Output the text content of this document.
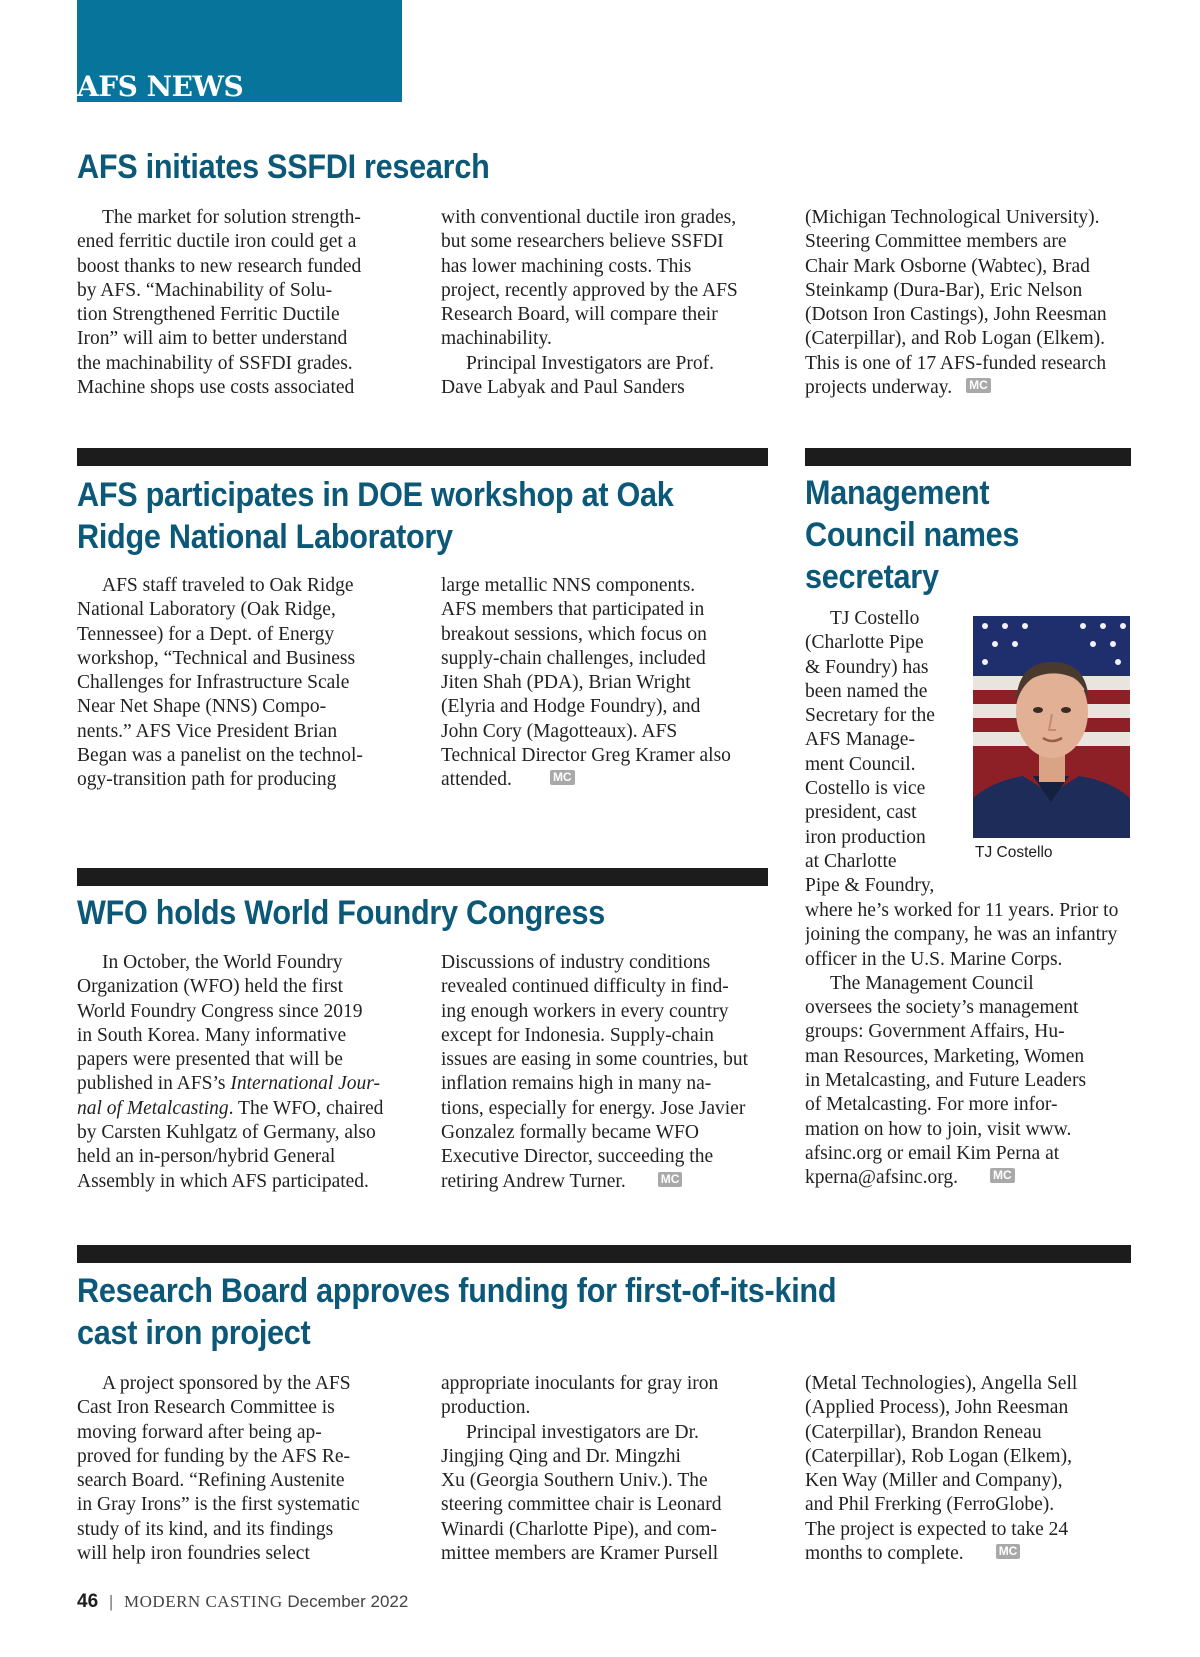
AFS NEWS
AFS initiates SSFDI research
The market for solution strength-
ened ferritic ductile iron could get a
boost thanks to new research funded
by AFS. “Machinability of Solu-
tion Strengthened Ferritic Ductile
Iron” will aim to better understand
the machinability of SSFDI grades.
Machine shops use costs associated
with conventional ductile iron grades,
but some researchers believe SSFDI
has lower machining costs. This
project, recently approved by the AFS
Research Board, will compare their
machinability.
Principal Investigators are Prof.
Dave Labyak and Paul Sanders
(Michigan Technological University).
Steering Committee members are
Chair Mark Osborne (Wabtec), Brad
Steinkamp (Dura-Bar), Eric Nelson
(Dotson Iron Castings), John Reesman
(Caterpillar), and Rob Logan (Elkem).
This is one of 17 AFS-funded research
projects underway. MC
AFS participates in DOE workshop at Oak
Ridge National Laboratory
AFS staff traveled to Oak Ridge
National Laboratory (Oak Ridge,
Tennessee) for a Dept. of Energy
workshop, “Technical and Business
Challenges for Infrastructure Scale
Near Net Shape (NNS) Compo-
nents.” AFS Vice President Brian
Began was a panelist on the technol-
ogy-transition path for producing
large metallic NNS components.
AFS members that participated in
breakout sessions, which focus on
supply-chain challenges, included
Jiten Shah (PDA), Brian Wright
(Elyria and Hodge Foundry), and
John Cory (Magotteaux). AFS
Technical Director Greg Kramer also
attended.	MC
Management
Council names
secretary
TJ Costello
(Charlotte Pipe
& Foundry) has
been named the
Secretary for the
AFS Manage-
ment Council.
Costello is vice
president, cast
iron production
at Charlotte
Pipe & Foundry,
TJ Costello
where he’s worked for 11 years. Prior to
joining the company, he was an infantry
officer in the U.S. Marine Corps.
The Management Council
oversees the society’s management
groups: Government Affairs, Hu-
man Resources, Marketing, Women
in Metalcasting, and Future Leaders
of Metalcasting. For more infor-
mation on how to join, visit www.
afsinc.org or email Kim Perna at
kperna@afsinc.org.	MC
WFO holds World Foundry Congress
In October, the World Foundry
Organization (WFO) held the first
World Foundry Congress since 2019
in South Korea. Many informative
papers were presented that will be
published in AFS’s International Jour-
nal of Metalcasting. The WFO, chaired
by Carsten Kuhlgatz of Germany, also
held an in-person/hybrid General
Assembly in which AFS participated.
Discussions of industry conditions
revealed continued difficulty in find-
ing enough workers in every country
except for Indonesia. Supply-chain
issues are easing in some countries, but
inflation remains high in many na-
tions, especially for energy. Jose Javier
Gonzalez formally became WFO
Executive Director, succeeding the
retiring Andrew Turner.	MC
Research Board approves funding for first-of-its-kind
cast iron project
A project sponsored by the AFS
Cast Iron Research Committee is
moving forward after being ap-
proved for funding by the AFS Re-
search Board. “Refining Austenite
in Gray Irons” is the first systematic
study of its kind, and its findings
will help iron foundries select
appropriate inoculants for gray iron
production.
Principal investigators are Dr.
Jingjing Qing and Dr. Mingzhi
Xu (Georgia Southern Univ.). The
steering committee chair is Leonard
Winardi (Charlotte Pipe), and com-
mittee members are Kramer Pursell
(Metal Technologies), Angella Sell
(Applied Process), John Reesman
(Caterpillar), Brandon Reneau
(Caterpillar), Rob Logan (Elkem),
Ken Way (Miller and Company),
and Phil Frerking (FerroGlobe).
The project is expected to take 24
months to complete.	MC
46 | MODERN CASTING December 2022
